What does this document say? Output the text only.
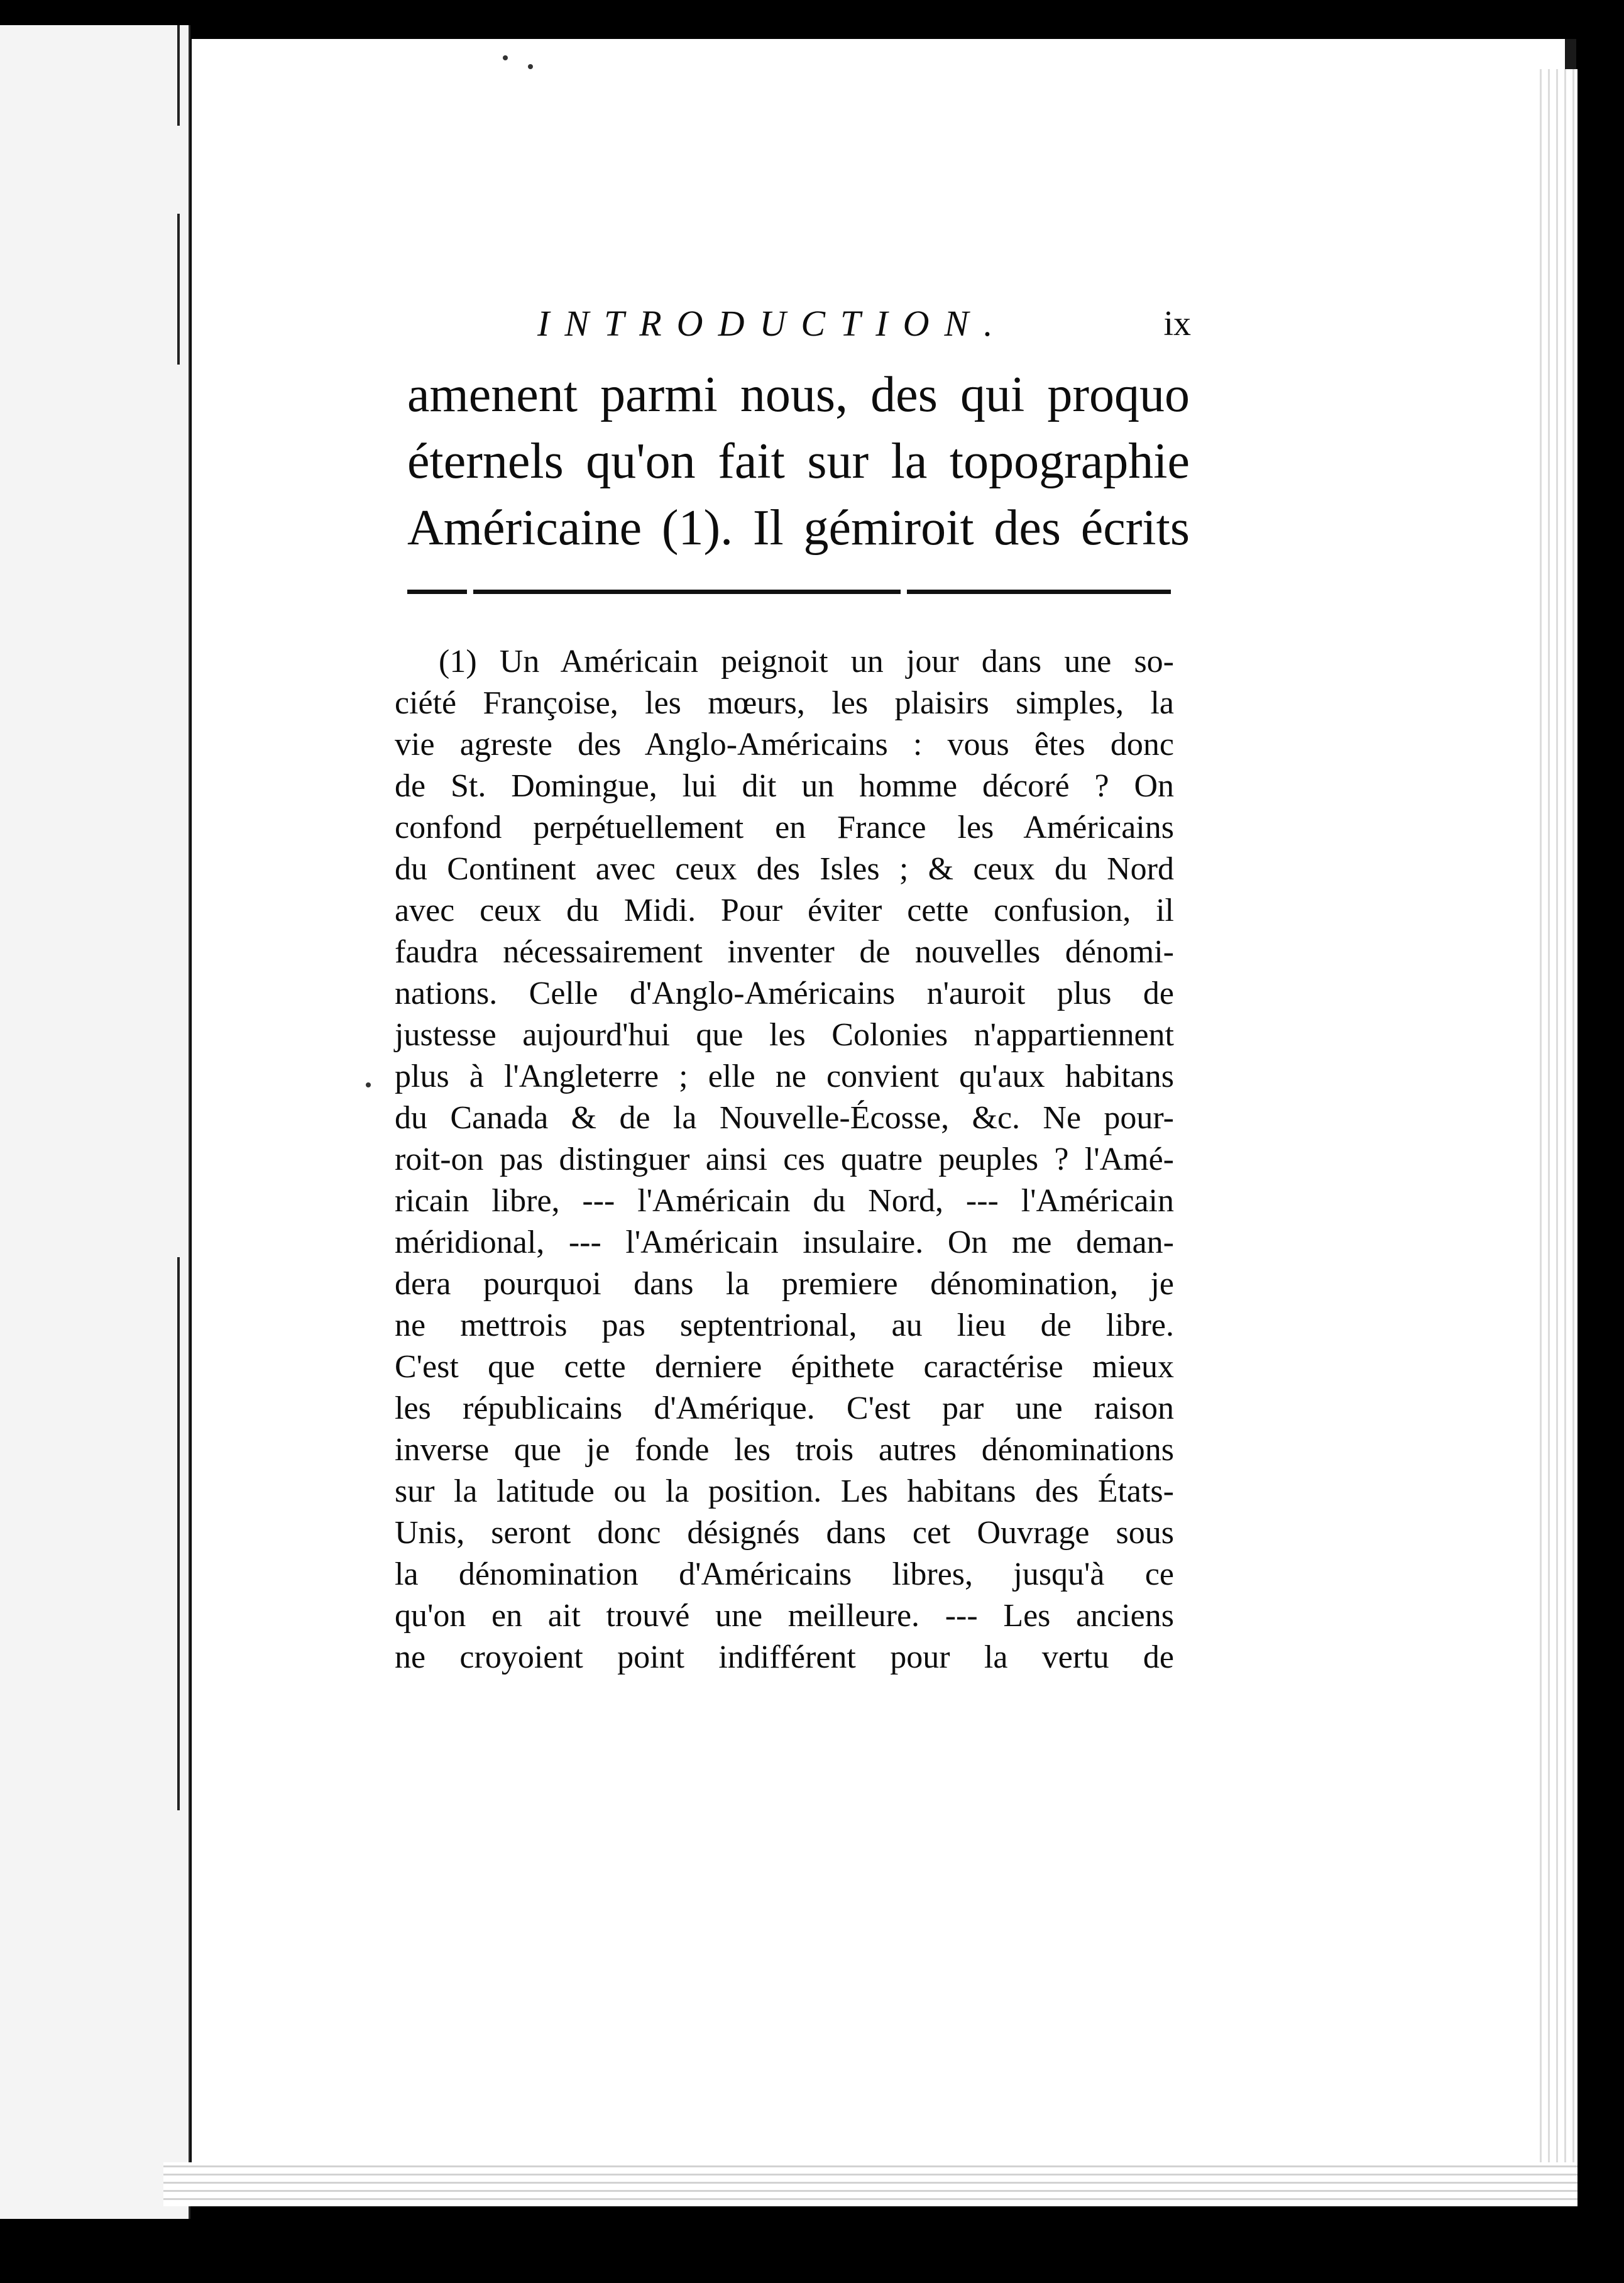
INTRODUCTION.	ix
amenent parmi nous, des qui proquo
éternels qu'on fait sur la topographie
Américaine (1). Il gémiroit des écrits
(1) Un Américain peignoit un jour dans une so-
ciété Françoise, les mœurs, les plaisirs simples, la
vie agreste des Anglo-Américains : vous êtes donc
de St. Domingue, lui dit un homme décoré ? On
confond perpétuellement en France les Américains
du Continent avec ceux des Isles ; & ceux du Nord
avec ceux du Midi. Pour éviter cette confusion, il
faudra nécessairement inventer de nouvelles dénomi-
nations. Celle d'Anglo-Américains n'auroit plus de
justesse aujourd'hui que les Colonies n'appartiennent
plus à l'Angleterre ; elle ne convient qu'aux habitans
du Canada & de la Nouvelle-Écosse, &c. Ne pour-
roit-on pas distinguer ainsi ces quatre peuples ? l'Amé-
ricain libre, --- l'Américain du Nord, --- l'Américain
méridional, --- l'Américain insulaire. On me deman-
dera pourquoi dans la premiere dénomination, je
ne mettrois pas septentrional, au lieu de libre.
C'est que cette derniere épithete caractérise mieux
les républicains d'Amérique. C'est par une raison
inverse que je fonde les trois autres dénominations
sur la latitude ou la position. Les habitans des États-
Unis, seront donc désignés dans cet Ouvrage sous
la dénomination d'Américains libres, jusqu'à ce
qu'on en ait trouvé une meilleure. --- Les anciens
ne croyoient point indifférent pour la vertu de
